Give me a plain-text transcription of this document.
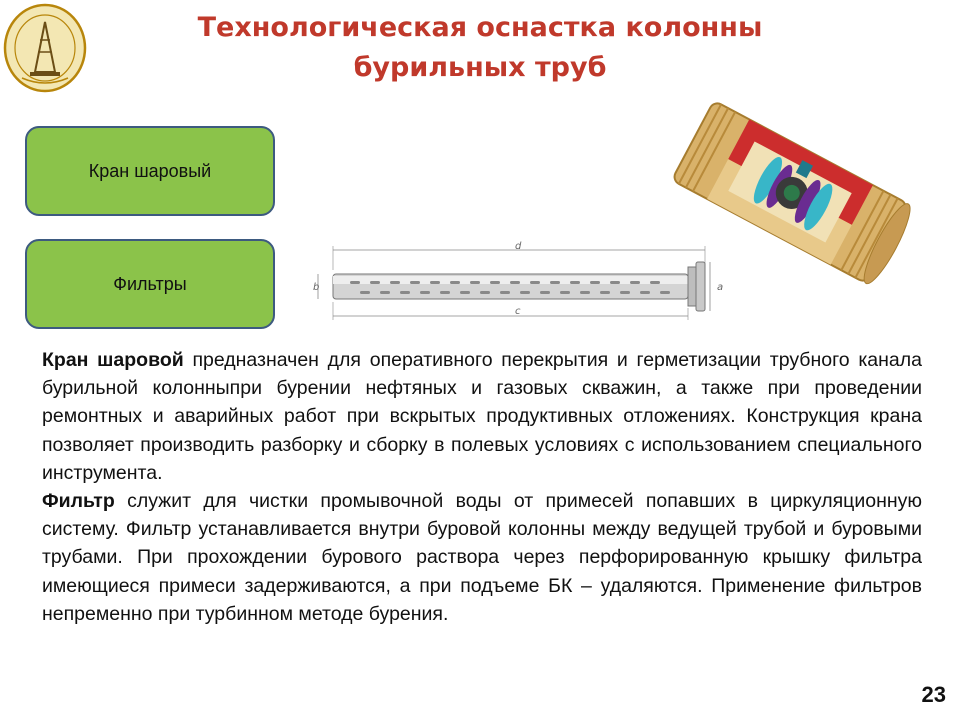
Технологическая оснастка колонны
бурильных труб
Кран шаровый
Фильтры
d
b	a
c

Кран шаровой предназначен для оперативного перекрытия и герметизации трубного канала бурильной колонныпри бурении нефтяных и газовых скважин, а также при проведении ремонтных и аварийных работ при вскрытых продуктивных отложениях. Конструкция крана позволяет производить разборку и сборку в полевых условиях с использованием специального инструмента.

Фильтр служит для чистки промывочной воды от примесей попавших в циркуляционную систему. Фильтр устанавливается внутри буровой колонны между ведущей трубой и буровыми трубами. При прохождении бурового раствора через перфорированную крышку фильтра имеющиеся примеси задерживаются, а при подъеме БК – удаляются. Применение фильтров непременно при турбинном методе бурения.

23
